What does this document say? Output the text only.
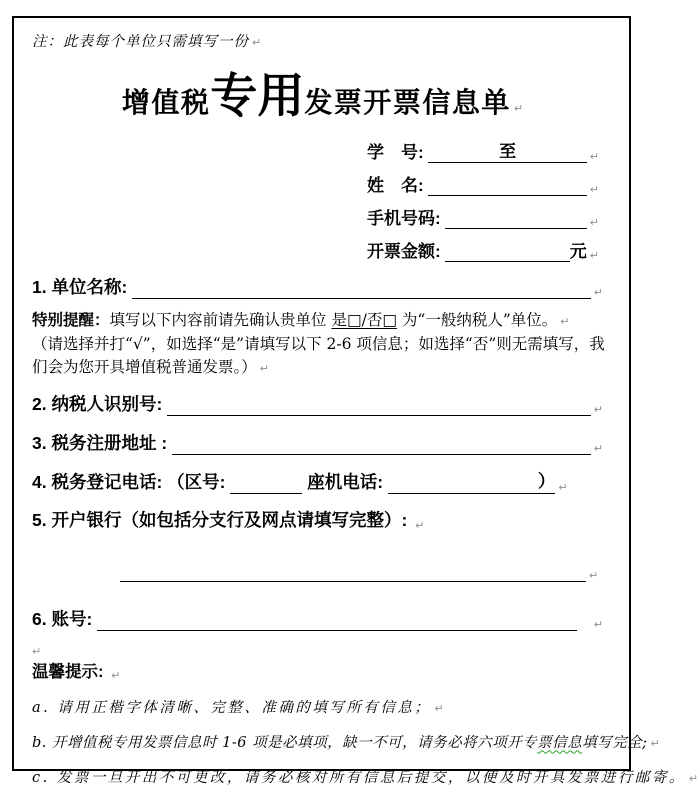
注：此表每个单位只需填写一份 ↵
增值税专用发票开票信息单 ↵
学　号:	至	↵
姓　名:	↵
手机号码:	↵
开票金额:	元 ↵
1. 单位名称:	↵
特别提醒：填写以下内容前请先确认贵单位 是□/否□ 为“一般纳税人”单位。 ↵
（请选择并打“√”，如选择“是”请填写以下 2-6 项信息；如选择“否”则无需填写，我们会为您开具增值税普通发票。） ↵
2. 纳税人识别号:	↵
3. 税务注册地址 :	↵
4. 税务登记电话: （区号:	座机电话:	） ↵
5. 开户银行（如包括分支行及网点请填写完整）: ↵
↵
6. 账号:	↵
↵
温馨提示: ↵
a. 请用正楷字体清晰、完整、准确的填写所有信息； ↵
b. 开增值税专用发票信息时 1-6 项是必填项，缺一不可，请务必将六项开专票信息填写完全; ↵
c. 发票一旦开出不可更改，请务必核对所有信息后提交，以便及时开具发票进行邮寄。 ↵
